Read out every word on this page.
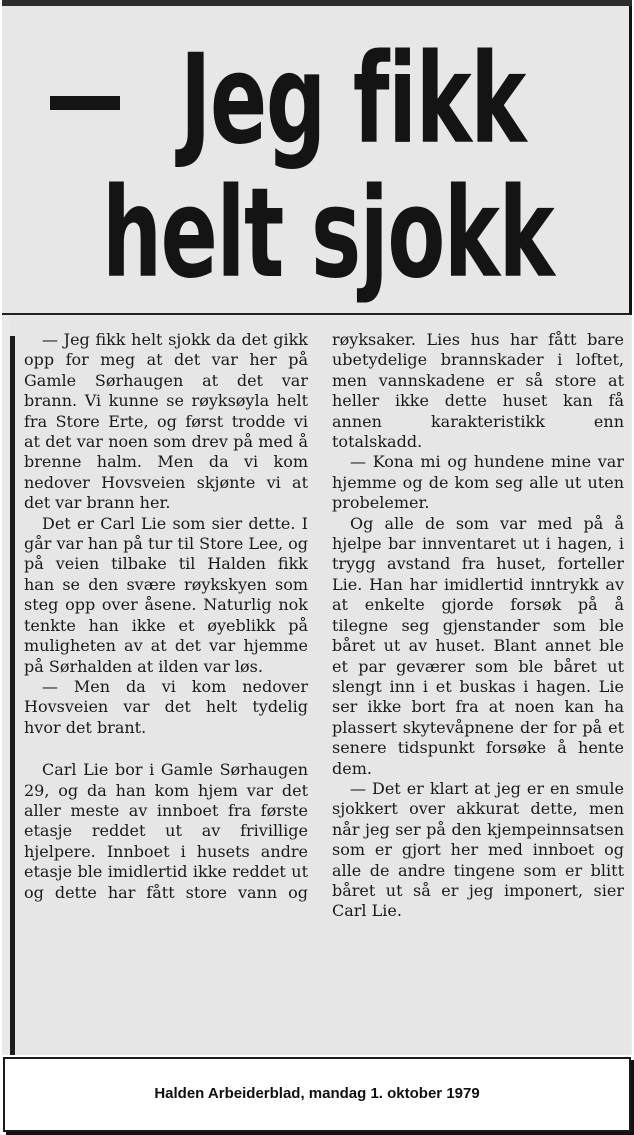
Jeg fikk
helt sjokk

— Jeg fikk helt sjokk da det gikk opp for meg at det var her på Gamle Sørhaugen at det var brann. Vi kunne se røyksøyla helt fra Store Erte, og først trodde vi at det var noen som drev på med å brenne halm. Men da vi kom nedover Hovsveien skjønte vi at det var brann her.

Det er Carl Lie som sier dette. I går var han på tur til Store Lee, og på veien tilbake til Halden fikk han se den svære røykskyen som steg opp over åsene. Naturlig nok tenkte han ikke et øyeblikk på muligheten av at det var hjemme på Sørhalden at ilden var løs.

— Men da vi kom nedover Hovsveien var det helt tydelig hvor det brant.

Carl Lie bor i Gamle Sørhaugen 29, og da han kom hjem var det aller meste av innboet fra første etasje reddet ut av frivillige hjelpere. Innboet i husets andre etasje ble imidlertid ikke reddet ut og dette har fått store vann og

røyksaker. Lies hus har fått bare ubetydelige brannskader i loftet, men vannskadene er så store at heller ikke dette huset kan få annen karakteristikk enn totalskadd.

— Kona mi og hundene mine var hjemme og de kom seg alle ut uten probelemer.

Og alle de som var med på å hjelpe bar innventaret ut i hagen, i trygg avstand fra huset, forteller Lie. Han har imidlertid inntrykk av at enkelte gjorde forsøk på å tilegne seg gjenstander som ble båret ut av huset. Blant annet ble et par geværer som ble båret ut slengt inn i et buskas i hagen. Lie ser ikke bort fra at noen kan ha plassert skytevåpnene der for på et senere tidspunkt forsøke å hente dem.

— Det er klart at jeg er en smule sjokkert over akkurat dette, men når jeg ser på den kjempeinnsatsen som er gjort her med innboet og alle de andre tingene som er blitt båret ut så er jeg imponert, sier Carl Lie.

Halden Arbeiderblad, mandag 1. oktober 1979
